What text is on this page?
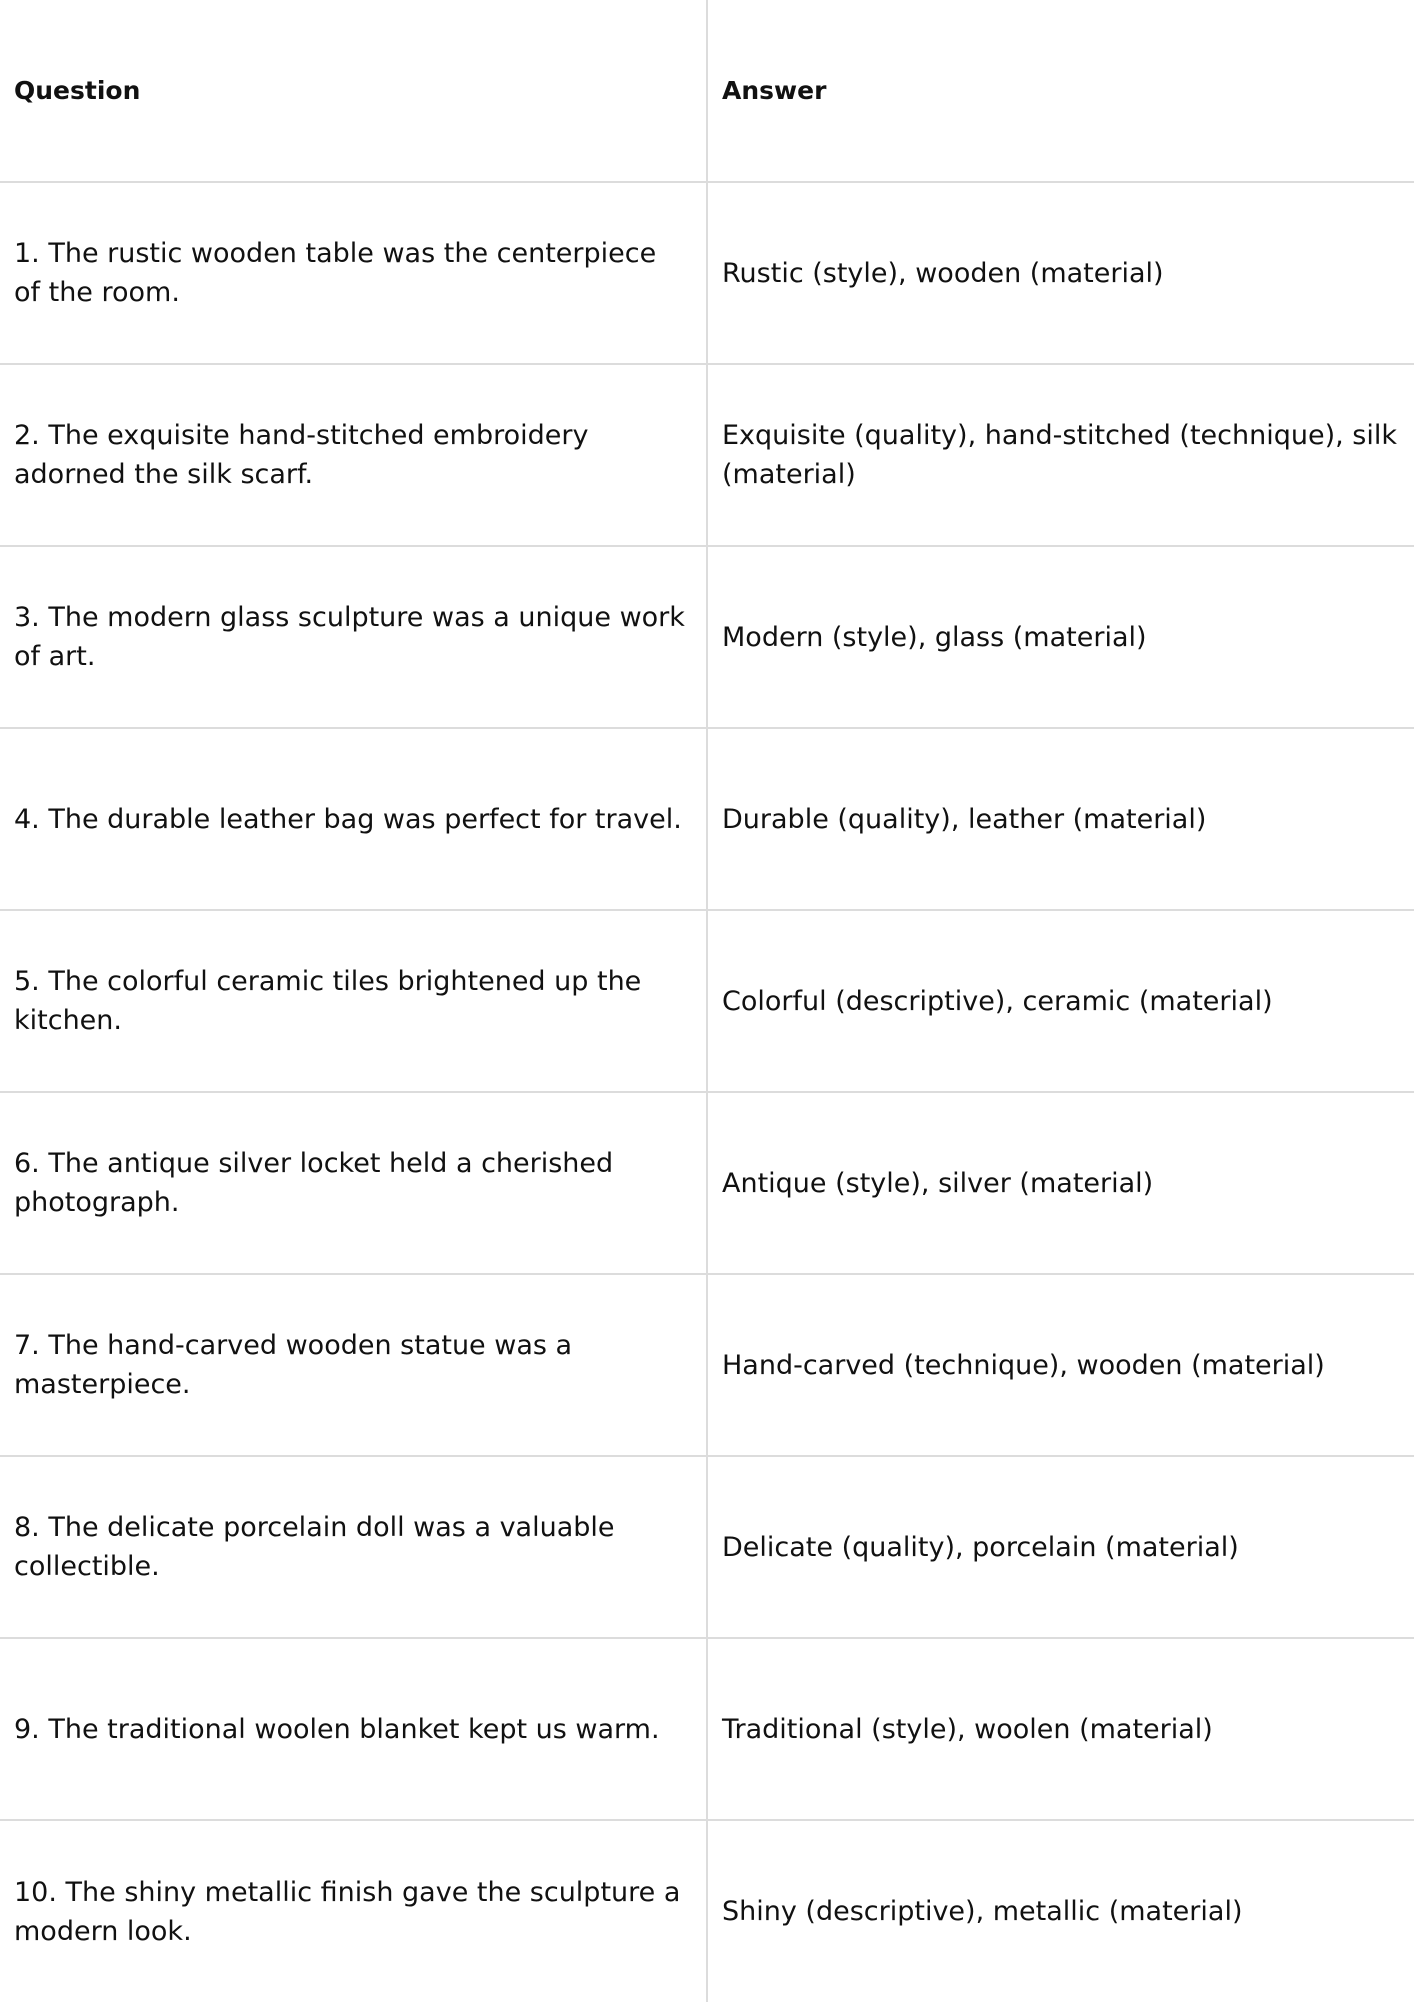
Question	Answer
1. The rustic wooden table was the centerpiece of the room.	Rustic (style), wooden (material)
2. The exquisite hand-stitched embroidery adorned the silk scarf.	Exquisite (quality), hand-stitched (technique), silk (material)
3. The modern glass sculpture was a unique work of art.	Modern (style), glass (material)
4. The durable leather bag was perfect for travel.	Durable (quality), leather (material)
5. The colorful ceramic tiles brightened up the kitchen.	Colorful (descriptive), ceramic (material)
6. The antique silver locket held a cherished photograph.	Antique (style), silver (material)
7. The hand-carved wooden statue was a masterpiece.	Hand-carved (technique), wooden (material)
8. The delicate porcelain doll was a valuable collectible.	Delicate (quality), porcelain (material)
9. The traditional woolen blanket kept us warm.	Traditional (style), woolen (material)
10. The shiny metallic finish gave the sculpture a modern look.	Shiny (descriptive), metallic (material)
